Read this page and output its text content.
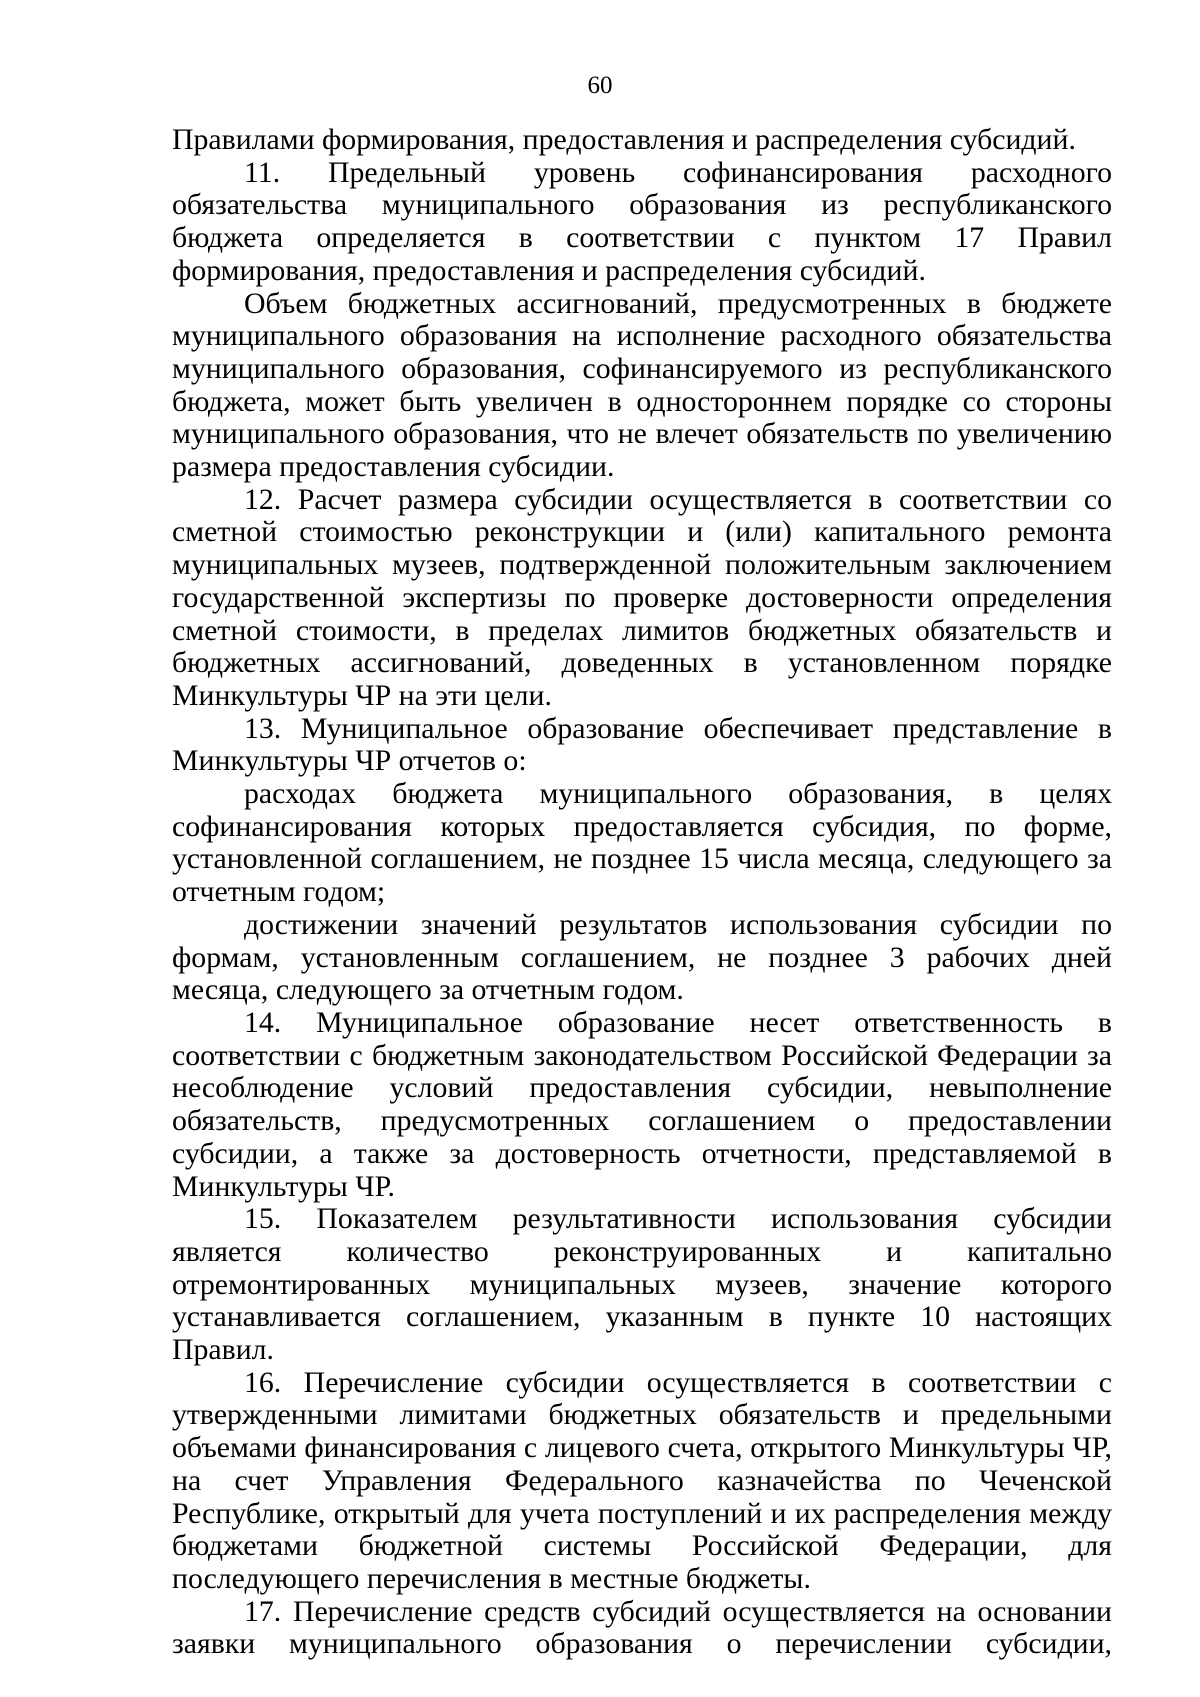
60

Правилами формирования, предоставления и распределения субсидий.

11. Предельный уровень софинансирования расходного обязательства муниципального образования из республиканского бюджета определяется в соответствии с пунктом 17 Правил формирования, предоставления и распределения субсидий.

Объем бюджетных ассигнований, предусмотренных в бюджете муниципального образования на исполнение расходного обязательства муниципального образования, софинансируемого из республиканского бюджета, может быть увеличен в одностороннем порядке со стороны муниципального образования, что не влечет обязательств по увеличению размера предоставления субсидии.

12. Расчет размера субсидии осуществляется в соответствии со сметной стоимостью реконструкции и (или) капитального ремонта муниципальных музеев, подтвержденной положительным заключением государственной экспертизы по проверке достоверности определения сметной стоимости, в пределах лимитов бюджетных обязательств и бюджетных ассигнований, доведенных в установленном порядке Минкультуры ЧР на эти цели.

13. Муниципальное образование обеспечивает представление в Минкультуры ЧР отчетов о:

расходах бюджета муниципального образования, в целях софинансирования которых предоставляется субсидия, по форме, установленной соглашением, не позднее 15 числа месяца, следующего за отчетным годом;

достижении значений результатов использования субсидии по формам, установленным соглашением, не позднее 3 рабочих дней месяца, следующего за отчетным годом.

14. Муниципальное образование несет ответственность в соответствии с бюджетным законодательством Российской Федерации за несоблюдение условий предоставления субсидии, невыполнение обязательств, предусмотренных соглашением о предоставлении субсидии, а также за достоверность отчетности, представляемой в Минкультуры ЧР.

15. Показателем результативности использования субсидии является количество реконструированных и капитально отремонтированных муниципальных музеев, значение которого устанавливается соглашением, указанным в пункте 10 настоящих Правил.

16. Перечисление субсидии осуществляется в соответствии с утвержденными лимитами бюджетных обязательств и предельными объемами финансирования с лицевого счета, открытого Минкультуры ЧР, на счет Управления Федерального казначейства по Чеченской Республике, открытый для учета поступлений и их распределения между бюджетами бюджетной системы Российской Федерации, для последующего перечисления в местные бюджеты.

17. Перечисление средств субсидий осуществляется на основании заявки муниципального образования о перечислении субсидии,
